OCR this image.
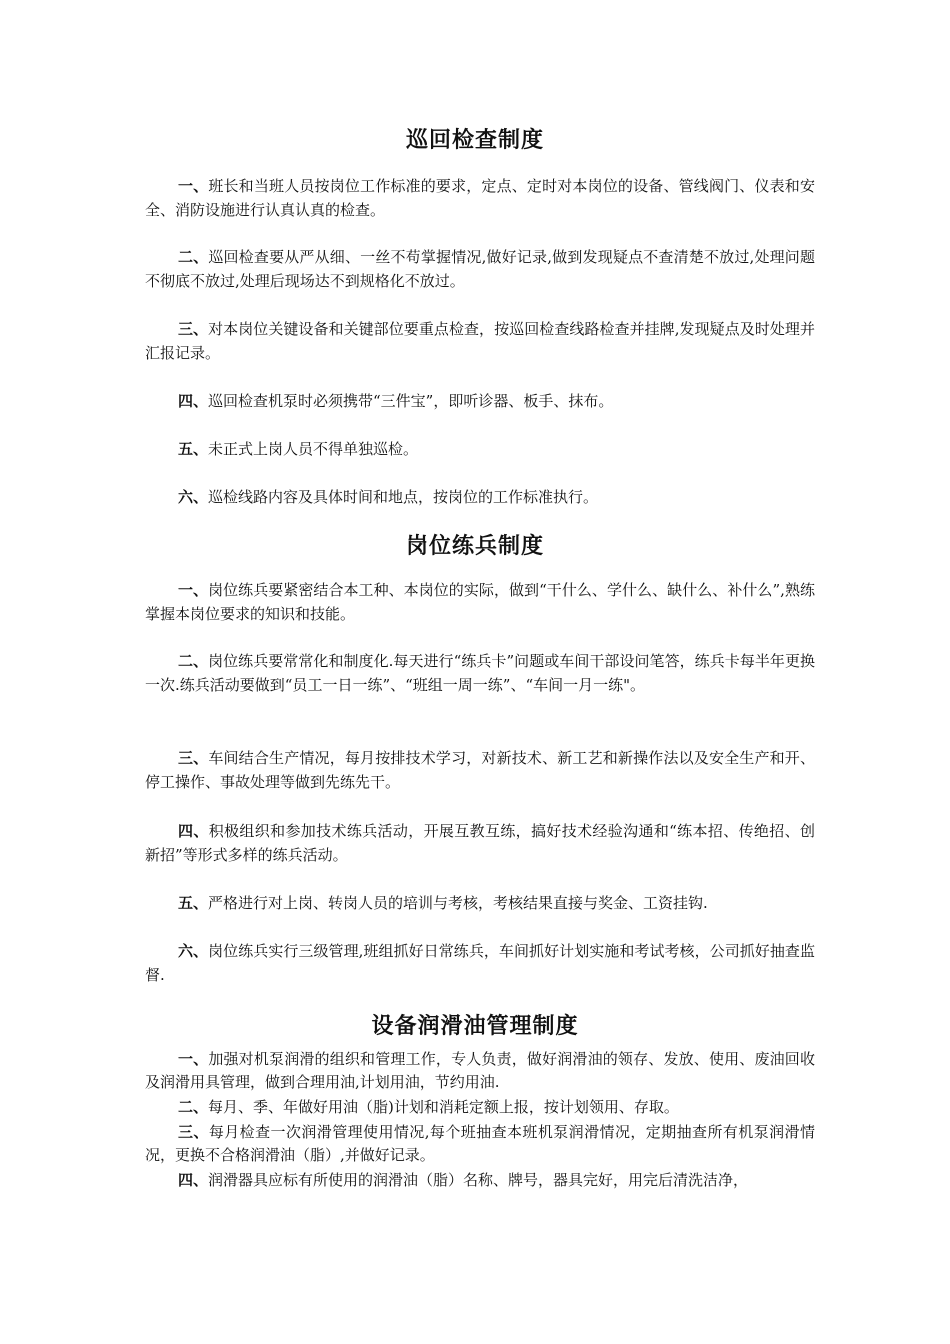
巡回检查制度

一、班长和当班人员按岗位工作标准的要求，定点、定时对本岗位的设备、管线阀门、仪表和安全、消防设施进行认真认真的检查。

二、巡回检查要从严从细、一丝不苟掌握情况,做好记录,做到发现疑点不查清楚不放过,处理问题不彻底不放过,处理后现场达不到规格化不放过。

三、对本岗位关键设备和关键部位要重点检查，按巡回检查线路检查并挂牌,发现疑点及时处理并汇报记录。

四、巡回检查机泵时必须携带“三件宝”，即听诊器、板手、抹布。

五、未正式上岗人员不得单独巡检。

六、巡检线路内容及具体时间和地点，按岗位的工作标准执行。

岗位练兵制度

一、岗位练兵要紧密结合本工种、本岗位的实际，做到“干什么、学什么、缺什么、补什么”,熟练掌握本岗位要求的知识和技能。

二、岗位练兵要常常化和制度化.每天进行“练兵卡”问题或车间干部设问笔答，练兵卡每半年更换一次.练兵活动要做到“员工一日一练”、“班组一周一练”、“车间一月一练"。

三、车间结合生产情况，每月按排技术学习，对新技术、新工艺和新操作法以及安全生产和开、停工操作、事故处理等做到先练先干。

四、积极组织和参加技术练兵活动，开展互教互练，搞好技术经验沟通和“练本招、传绝招、创新招”等形式多样的练兵活动。

五、严格进行对上岗、转岗人员的培训与考核，考核结果直接与奖金、工资挂钩.

六、岗位练兵实行三级管理,班组抓好日常练兵，车间抓好计划实施和考试考核，公司抓好抽查监督.

设备润滑油管理制度

一、加强对机泵润滑的组织和管理工作，专人负责，做好润滑油的领存、发放、使用、废油回收及润滑用具管理，做到合理用油,计划用油，节约用油.

二、每月、季、年做好用油（脂)计划和消耗定额上报，按计划领用、存取。

三、每月检查一次润滑管理使用情况,每个班抽查本班机泵润滑情况，定期抽查所有机泵润滑情况，更换不合格润滑油（脂）,并做好记录。

四、润滑器具应标有所使用的润滑油（脂）名称、牌号，器具完好，用完后清洗洁净，
